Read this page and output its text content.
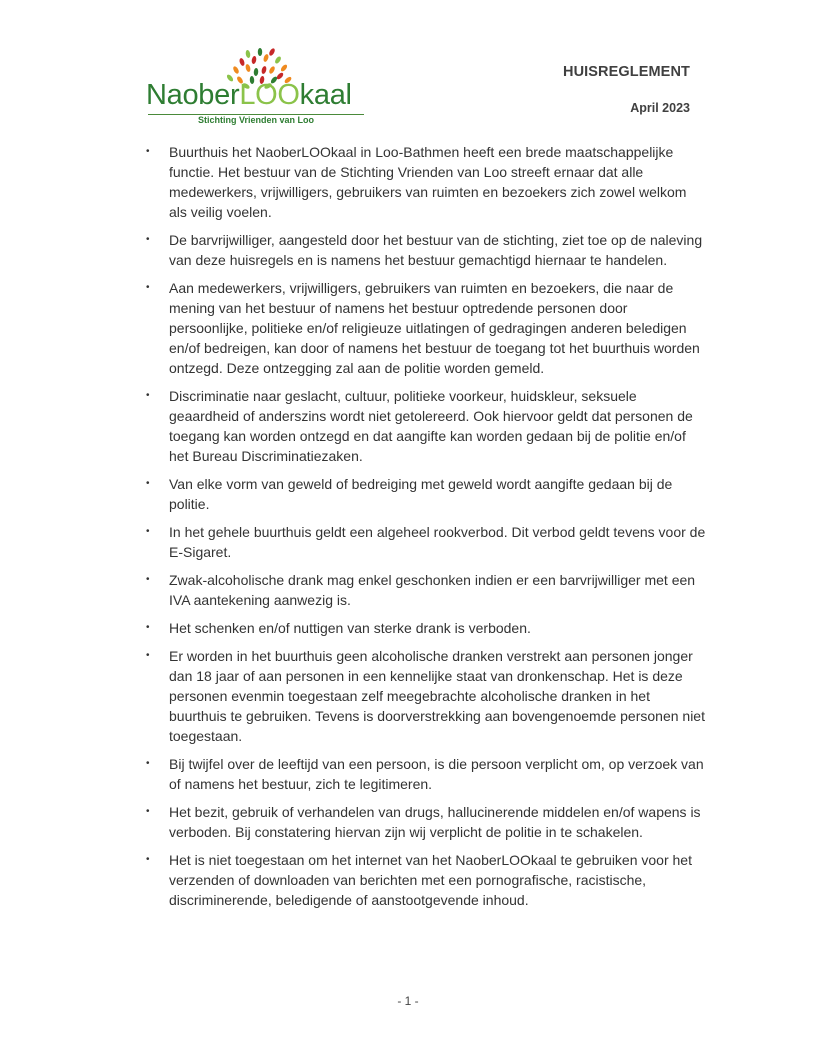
NaoberLOOkaal
Stichting Vrienden van Loo
HUISREGLEMENT
April 2023
•	Buurthuis het NaoberLOOkaal in Loo-Bathmen heeft een brede maatschappelijke functie. Het bestuur van de Stichting Vrienden van Loo streeft ernaar dat alle medewerkers, vrijwilligers, gebruikers van ruimten en bezoekers zich zowel welkom als veilig voelen.
•	De barvrijwilliger, aangesteld door het bestuur van de stichting, ziet toe op de naleving van deze huisregels en is namens het bestuur gemachtigd hiernaar te handelen.
•	Aan medewerkers, vrijwilligers, gebruikers van ruimten en bezoekers, die naar de mening van het bestuur of namens het bestuur optredende personen door persoonlijke, politieke en/of religieuze uitlatingen of gedragingen anderen beledigen en/of bedreigen, kan door of namens het bestuur de toegang tot het buurthuis worden ontzegd. Deze ontzegging zal aan de politie worden gemeld.
•	Discriminatie naar geslacht, cultuur, politieke voorkeur, huidskleur, seksuele geaardheid of anderszins wordt niet getolereerd. Ook hiervoor geldt dat personen de toegang kan worden ontzegd en dat aangifte kan worden gedaan bij de politie en/of het Bureau Discriminatiezaken.
•	Van elke vorm van geweld of bedreiging met geweld wordt aangifte gedaan bij de politie.
•	In het gehele buurthuis geldt een algeheel rookverbod. Dit verbod geldt tevens voor de E-Sigaret.
•	Zwak-alcoholische drank mag enkel geschonken indien er een barvrijwilliger met een IVA aantekening aanwezig is.
•	Het schenken en/of nuttigen van sterke drank is verboden.
•	Er worden in het buurthuis geen alcoholische dranken verstrekt aan personen jonger dan 18 jaar of aan personen in een kennelijke staat van dronkenschap. Het is deze personen evenmin toegestaan zelf meegebrachte alcoholische dranken in het buurthuis te gebruiken. Tevens is doorverstrekking aan bovengenoemde personen niet toegestaan.
•	Bij twijfel over de leeftijd van een persoon, is die persoon verplicht om, op verzoek van of namens het bestuur, zich te legitimeren.
•	Het bezit, gebruik of verhandelen van drugs, hallucinerende middelen en/of wapens is verboden. Bij constatering hiervan zijn wij verplicht de politie in te schakelen.
•	Het is niet toegestaan om het internet van het NaoberLOOkaal te gebruiken voor het verzenden of downloaden van berichten met een pornografische, racistische, discriminerende, beledigende of aanstootgevende inhoud.
- 1 -
